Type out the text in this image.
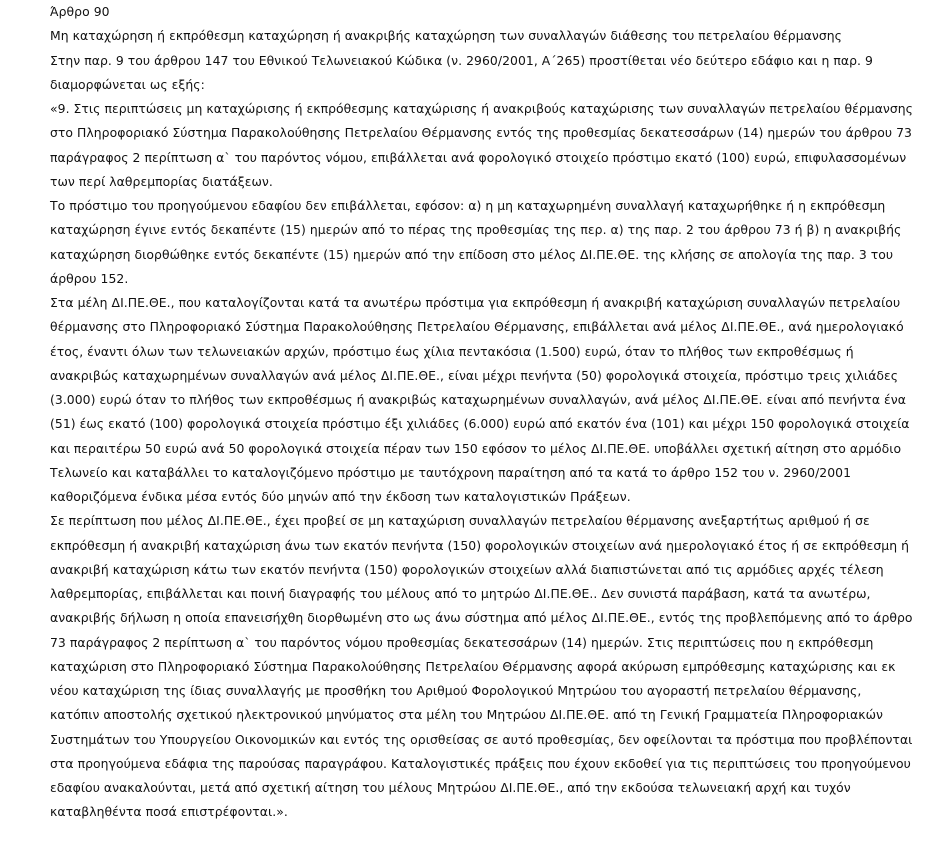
Άρθρο 90

Μη καταχώρηση ή εκπρόθεσμη καταχώρηση ή ανακριβής καταχώρηση των συναλλαγών διάθεσης του πετρελαίου θέρμανσης

Στην παρ. 9 του άρθρου 147 του Εθνικού Τελωνειακού Κώδικα (ν. 2960/2001, Α΄265) προστίθεται νέο δεύτερο εδάφιο και η παρ. 9 διαμορφώνεται ως εξής:

«9. Στις περιπτώσεις μη καταχώρισης ή εκπρόθεσμης καταχώρισης ή ανακριβούς καταχώρισης των συναλλαγών πετρελαίου θέρμανσης στο Πληροφοριακό Σύστημα Παρακολούθησης Πετρελαίου Θέρμανσης εντός της προθεσμίας δεκατεσσάρων (14) ημερών του άρθρου 73 παράγραφος 2 περίπτωση α` του παρόντος νόμου, επιβάλλεται ανά φορολογικό στοιχείο πρόστιμο εκατό (100) ευρώ, επιφυλασσομένων των περί λαθρεμπορίας διατάξεων.

Το πρόστιμο του προηγούμενου εδαφίου δεν επιβάλλεται, εφόσον: α) η μη καταχωρημένη συναλλαγή καταχωρήθηκε ή η εκπρόθεσμη καταχώρηση έγινε εντός δεκαπέντε (15) ημερών από το πέρας της προθεσμίας της περ. α) της παρ. 2 του άρθρου 73 ή β) η ανακριβής καταχώρηση διορθώθηκε εντός δεκαπέντε (15) ημερών από την επίδοση στο μέλος ΔΙ.ΠΕ.ΘΕ. της κλήσης σε απολογία της παρ. 3 του άρθρου 152.

Στα μέλη ΔΙ.ΠΕ.ΘΕ., που καταλογίζονται κατά τα ανωτέρω πρόστιμα για εκπρόθεσμη ή ανακριβή καταχώριση συναλλαγών πετρελαίου θέρμανσης στο Πληροφοριακό Σύστημα Παρακολούθησης Πετρελαίου Θέρμανσης, επιβάλλεται ανά μέλος ΔΙ.ΠΕ.ΘΕ., ανά ημερολογιακό έτος, έναντι όλων των τελωνειακών αρχών, πρόστιμο έως χίλια πεντακόσια (1.500) ευρώ, όταν το πλήθος των εκπροθέσμως ή ανακριβώς καταχωρημένων συναλλαγών ανά μέλος ΔΙ.ΠΕ.ΘΕ., είναι μέχρι πενήντα (50) φορολογικά στοιχεία, πρόστιμο τρεις χιλιάδες (3.000) ευρώ όταν το πλήθος των εκπροθέσμως ή ανακριβώς καταχωρημένων συναλλαγών, ανά μέλος ΔΙ.ΠΕ.ΘΕ. είναι από πενήντα ένα (51) έως εκατό (100) φορολογικά στοιχεία πρόστιμο έξι χιλιάδες (6.000) ευρώ από εκατόν ένα (101) και μέχρι 150 φορολογικά στοιχεία και περαιτέρω 50 ευρώ ανά 50 φορολογικά στοιχεία πέραν των 150 εφόσον το μέλος ΔΙ.ΠΕ.ΘΕ. υποβάλλει σχετική αίτηση στο αρμόδιο Τελωνείο και καταβάλλει το καταλογιζόμενο πρόστιμο με ταυτόχρονη παραίτηση από τα κατά το άρθρο 152 του ν. 2960/2001 καθοριζόμενα ένδικα μέσα εντός δύο μηνών από την έκδοση των καταλογιστικών Πράξεων.

Σε περίπτωση που μέλος ΔΙ.ΠΕ.ΘΕ., έχει προβεί σε μη καταχώριση συναλλαγών πετρελαίου θέρμανσης ανεξαρτήτως αριθμού ή σε εκπρόθεσμη ή ανακριβή καταχώριση άνω των εκατόν πενήντα (150) φορολογικών στοιχείων ανά ημερολογιακό έτος ή σε εκπρόθεσμη ή ανακριβή καταχώριση κάτω των εκατόν πενήντα (150) φορολογικών στοιχείων αλλά διαπιστώνεται από τις αρμόδιες αρχές τέλεση λαθρεμπορίας, επιβάλλεται και ποινή διαγραφής του μέλους από το μητρώο ΔΙ.ΠΕ.ΘΕ.. Δεν συνιστά παράβαση, κατά τα ανωτέρω, ανακριβής δήλωση η οποία επανεισήχθη διορθωμένη στο ως άνω σύστημα από μέλος ΔΙ.ΠΕ.ΘΕ., εντός της προβλεπόμενης από το άρθρο 73 παράγραφος 2 περίπτωση α` του παρόντος νόμου προθεσμίας δεκατεσσάρων (14) ημερών. Στις περιπτώσεις που η εκπρόθεσμη καταχώριση στο Πληροφοριακό Σύστημα Παρακολούθησης Πετρελαίου Θέρμανσης αφορά ακύρωση εμπρόθεσμης καταχώρισης και εκ νέου καταχώριση της ίδιας συναλλαγής με προσθήκη του Αριθμού Φορολογικού Μητρώου του αγοραστή πετρελαίου θέρμανσης, κατόπιν αποστολής σχετικού ηλεκτρονικού μηνύματος στα μέλη του Μητρώου ΔΙ.ΠΕ.ΘΕ. από τη Γενική Γραμματεία Πληροφοριακών Συστημάτων του Υπουργείου Οικονομικών και εντός της ορισθείσας σε αυτό προθεσμίας, δεν οφείλονται τα πρόστιμα που προβλέπονται στα προηγούμενα εδάφια της παρούσας παραγράφου. Καταλογιστικές πράξεις που έχουν εκδοθεί για τις περιπτώσεις του προηγούμενου εδαφίου ανακαλούνται, μετά από σχετική αίτηση του μέλους Μητρώου ΔΙ.ΠΕ.ΘΕ., από την εκδούσα τελωνειακή αρχή και τυχόν καταβληθέντα ποσά επιστρέφονται.».
